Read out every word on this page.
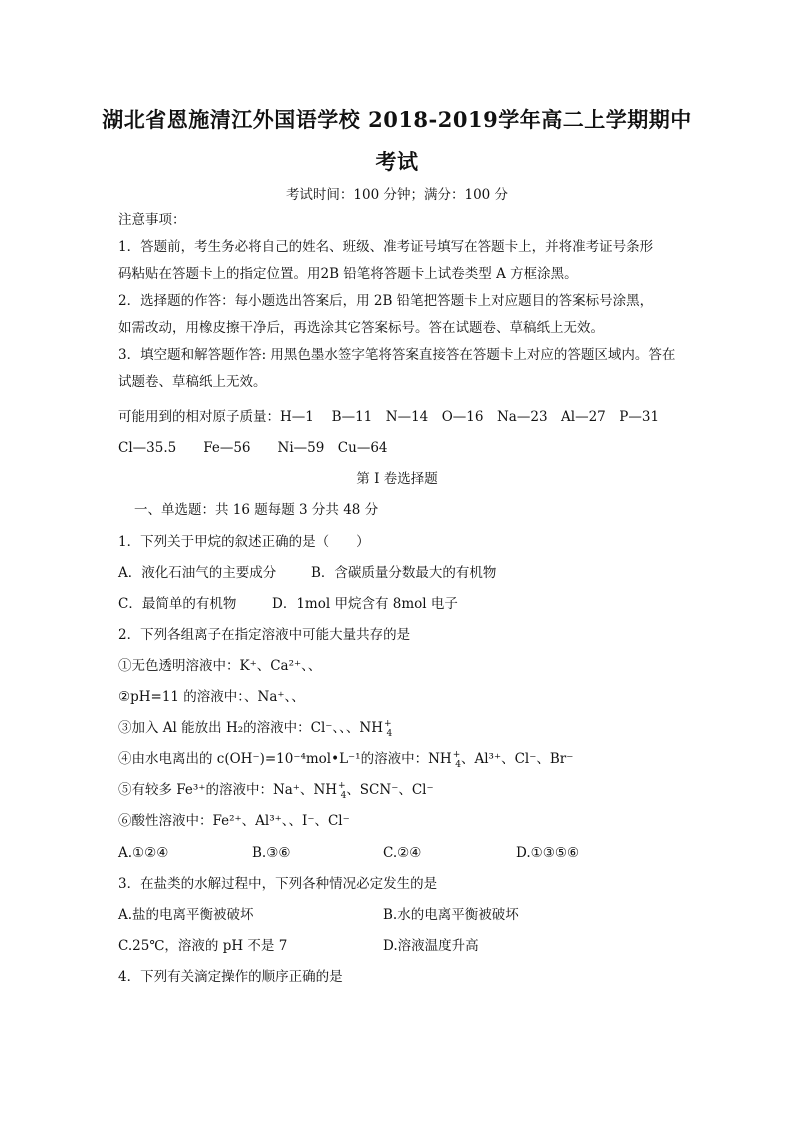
湖北省恩施清江外国语学校 2018-2019学年高二上学期期中
考试
考试时间：100 分钟；满分：100 分
注意事项：
1．答题前，考生务必将自己的姓名、班级、准考证号填写在答题卡上，并将准考证号条形
码粘贴在答题卡上的指定位置。用2B 铅笔将答题卡上试卷类型 A 方框涂黑。
2．选择题的作答：每小题选出答案后，用 2B 铅笔把答题卡上对应题目的答案标号涂黑，
如需改动，用橡皮擦干净后，再选涂其它答案标号。答在试题卷、草稿纸上无效。
3．填空题和解答题作答: 用黑色墨水签字笔将答案直接答在答题卡上对应的答题区域内。答在
试题卷、草稿纸上无效。
可能用到的相对原子质量：H—1　 B—11　N—14　O—16　Na—23　Al—27　P—31
Cl—35.5　　Fe—56　　Ni—59　Cu—64
第 I 卷选择题
一、单选题：共 16 题每题 3 分共 48 分
1．下列关于甲烷的叙述正确的是（　　）
A．液化石油气的主要成分	B．含碳质量分数最大的有机物
C．最简单的有机物	D．1mol 甲烷含有 8mol 电子
2．下列各组离子在指定溶液中可能大量共存的是
①无色透明溶液中：K⁺、Ca²⁺、、
②pH=11 的溶液中：、Na⁺、、
③加入 Al 能放出 H₂的溶液中：Cl⁻、、、$NH^+_4$
④由水电离出的 c(OH⁻)=10⁻⁴mol•L⁻¹的溶液中：$NH^+_4$、Al³⁺、Cl⁻、Br⁻
⑤有较多 Fe³⁺的溶液中：Na⁺、$NH^+_4$、SCN⁻、Cl⁻
⑥酸性溶液中：Fe²⁺、Al³⁺、、I⁻、Cl⁻
A.①②④	B.③⑥	C.②④	D.①③⑤⑥
3．在盐类的水解过程中，下列各种情况必定发生的是
A.盐的电离平衡被破坏	B.水的电离平衡被破坏
C.25℃，溶液的 pH 不是 7	D.溶液温度升高
4．下列有关滴定操作的顺序正确的是
